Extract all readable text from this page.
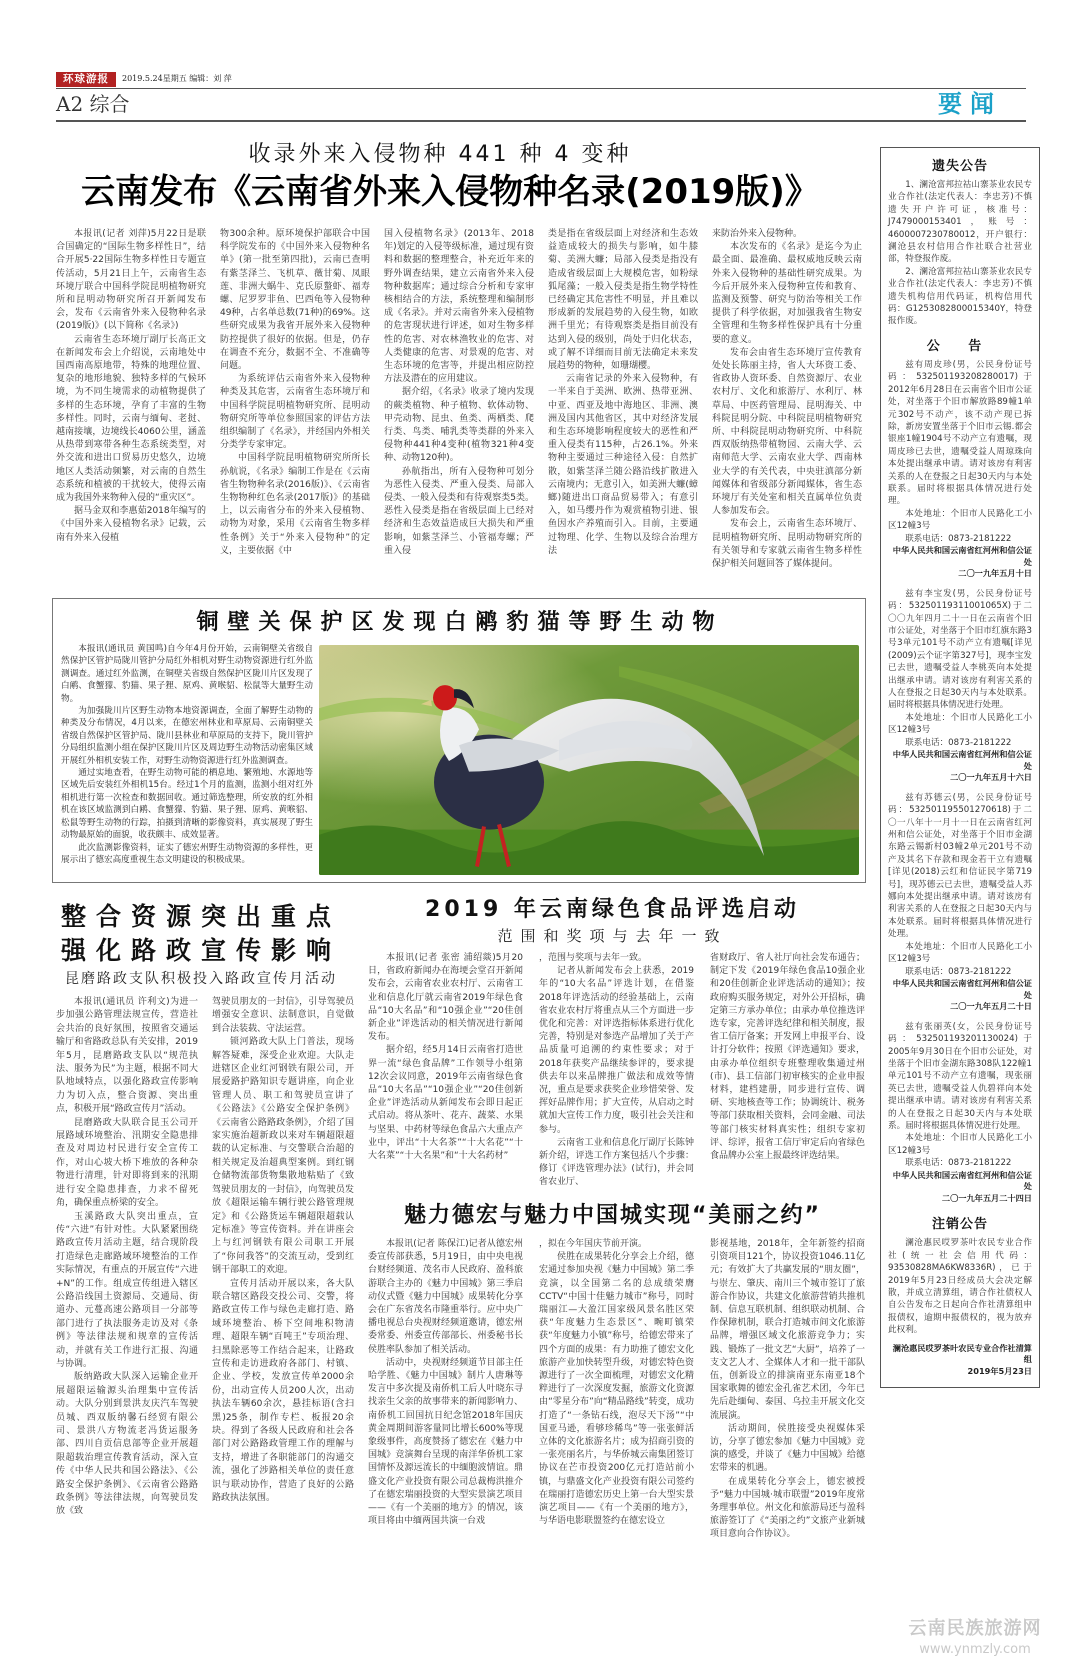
环球游报	2019.5.24星期五 编辑：刘 萍
A2 综合	要闻
收录外来入侵物种 441 种 4 变种
云南发布《云南省外来入侵物种名录(2019版)》

本报讯(记者 刘萍)5月22日是联合国确定的“国际生物多样性日”，结合开展5·22国际生物多样性日专题宣传活动，5月21日上午，云南省生态环境厅联合中国科学院昆明植物研究所和昆明动物研究所召开新闻发布会，发布《云南省外来入侵物种名录(2019版)》(以下简称《名录》)

云南省生态环境厅副厅长高正文在新闻发布会上介绍说，云南地处中国西南高原地带，特殊的地理位置、复杂的地形地貌、独特多样的气候环境，为不同生境需求的动植物提供了多样的生态环境，孕育了丰富的生物多样性。同时，云南与缅甸、老挝、越南接壤，边境线长4060公里，涵盖从热带到寒带各种生态系统类型，对外交流和进出口贸易历史悠久，边境地区人类活动频繁，对云南的自然生态系统和植被的干扰较大，使得云南成为我国外来物种入侵的“重灾区”。

据马金双和李惠茹2018年编写的《中国外来入侵植物名录》记载，云南有外来入侵植

物300余种。原环境保护部联合中国科学院发布的《中国外来入侵物种名单》(第一批至第四批)，云南已查明有紫茎泽兰、飞机草、薇甘菊、凤眼莲、非洲大蜗牛、克氏原螯虾、福寿螺、尼罗罗非鱼、巴西龟等入侵物种49种，占名单总数(71种)的69%。这些研究成果为我省开展外来入侵物种防控提供了很好的依据。但是，仍存在调查不充分，数据不全、不准确等问题。

为系统评估云南省外来入侵物种种类及其危害，云南省生态环境厅和中国科学院昆明植物研究所、昆明动物研究所等单位参照国家的评估方法组织编制了《名录》，并经国内外相关分类学专家审定。

中国科学院昆明植物研究所所长孙航说，《名录》编制工作是在《云南省生物物种名录(2016版)》、《云南省生物物种红色名录(2017版)》的基础上，以云南省分布的外来入侵植物、动物为对象，采用《云南省生物多样性条例》关于“外来入侵物种”的定义，主要依据《中

国入侵植物名录》(2013年、2018年)划定的入侵等级标准，通过现有资料和数据的整理整合，补充近年来的野外调查结果，建立云南省外来入侵物种数据库；通过综合分析和专家审核相结合的方法，系统整理和编制形成《名录》。并对云南省外来入侵植物的危害现状进行评述，如对生物多样性的危害、对农林渔牧业的危害、对人类健康的危害、对景观的危害、对生态环境的危害等，并提出相应防控方法及潜在的应用建议。

据介绍，《名录》收录了境内发现的蕨类植物、种子植物、软体动物、甲壳动物、昆虫、鱼类、两栖类、爬行类、鸟类、哺乳类等类群的外来入侵物种441种4变种(植物321种4变种、动物120种)。

孙航指出，所有入侵物种可划分为恶性入侵类、严重入侵类、局部入侵类、一般入侵类和有待观察类5类。恶性入侵类是指在省级层面上已经对经济和生态效益造成巨大损失和严重影响，如紫茎泽兰、小管福寿螺；严重入侵

类是指在省级层面上对经济和生态效益造成较大的损失与影响，如牛膝菊、美洲大蠊；局部入侵类是指没有造成省级层面上大规模危害，如粉绿狐尾藻；一般入侵类是指生物学特性已经确定其危害性不明显，并且难以形成新的发展趋势的入侵生物，如欧洲千里光；有待观察类是指目前没有达到入侵的级别，尚处于归化状态，或了解不详细而目前无法确定未来发展趋势的物种，如珊瑚樱。

云南省记录的外来入侵物种，有一半来自于美洲、欧洲、热带亚洲、中亚、西亚及地中海地区、非洲、澳洲及国内其他省区，其中对经济发展和生态环境影响程度较大的恶性和严重入侵类有115种，占26.1%。外来物种主要通过三种途径入侵：自然扩散，如紫茎泽兰随公路沿线扩散进入云南境内；无意引入，如美洲大蠊(蟑螂)随进出口商品贸易带入；有意引入，如马缨丹作为观赏植物引进、银鱼因水产养殖而引入。目前，主要通过物理、化学、生物以及综合治理方法

来防治外来入侵物种。

本次发布的《名录》是迄今为止最全面、最准确、最权威地反映云南外来入侵物种的基础性研究成果。为今后开展外来入侵物种宣传和教育、监测及预警、研究与防治等相关工作提供了科学依据，对加强我省生物安全管理和生物多样性保护具有十分重要的意义。

发布会由省生态环境厅宣传教育处处长陈丽主持，省人大环资工委、省政协人资环委、自然资源厅、农业农村厅、文化和旅游厅、水利厅、林草局、中医药管理局、昆明海关、中科院昆明分院、中科院昆明植物研究所、中科院昆明动物研究所、中科院西双版纳热带植物园、云南大学、云南师范大学、云南农业大学、西南林业大学的有关代表，中央驻滇部分新闻媒体和省级部分新闻媒体，省生态环境厅有关处室和相关直属单位负责人参加发布会。

发布会上，云南省生态环境厅、昆明植物研究所、昆明动物研究所的有关领导和专家就云南省生物多样性保护相关问题回答了媒体提问。

铜壁关保护区发现白鹇豹猫等野生动物

本报讯(通讯员 黄国鸣)自今年4月份开始，云南铜壁关省级自然保护区管护局陇川管护分局红外相机对野生动物资源进行红外监测调查。通过红外监测，在铜壁关省级自然保护区陇川片区发现了白鹇、食蟹獴、豹猫、果子狸、原鸡、黄喉貂、松鼠等大量野生动物。

为加强陇川片区野生动物本地资源调查，全面了解野生动物的种类及分布情况，4月以来，在德宏州林业和草原局、云南铜壁关省级自然保护区管护局、陇川县林业和草原局的支持下，陇川管护分局组织监测小组在保护区陇川片区及周边野生动物活动密集区域开展红外相机安装工作，对野生动物资源进行红外监测调查。

通过实地查看，在野生动物可能的栖息地、繁殖地、水源地等区域先后安装红外相机15台。经过1个月的监测，监测小组对红外相机进行第一次检查和数据回收。通过筛选整理，所安放的红外相机在该区域监测到白鹇、食蟹獴、豹猫、果子狸、原鸡、黄喉貂、松鼠等野生动物的行踪，拍摄到清晰的影像资料，真实展现了野生动物最原始的面貌，收获颇丰、成效显著。

此次监测影像资料，证实了德宏州野生动物资源的多样性，更展示出了德宏高度重视生态文明建设的积极成果。

整合资源突出重点
强化路政宣传影响
昆磨路政支队积极投入路政宣传月活动

本报讯(通讯员 许利文)为进一步加强公路管理法规宣传，营造社会共治的良好氛围，按照省交通运输厅和省路政总队有关安排，2019年5月，昆磨路政支队以“规范执法、服务为民”为主题，根据不同大队地域特点，以强化路政宣传影响力为切入点，整合资源、突出重点，积极开展“路政宣传月”活动。

昆磨路政大队联合昆玉公司开展路域环境整治、汛期安全隐患排查及对周边村民进行安全宣传工作，对山心坡大桥下堆放的各种杂物进行清理，针对即将到来的汛期进行安全隐患排查，力求不留死角，确保重点桥梁的安全。

玉溪路政大队突出重点，宣传“六进”有针对性。大队紧紧围绕路政宣传月活动主题，结合现阶段打造绿色走廊路域环境整治的工作实际情况，有重点的开展宣传“六进+N”的工作。组成宣传组进入辖区公路沿线国土资源局、交通局、街道办、元蔓高速公路项目一分部等部门进行了执法服务走访及对《条例》等法律法规和规章的宣传活动，并就有关工作进行汇报、沟通与协调。

版纳路政大队深入运输企业开展超限运输源头治理集中宣传活动。大队分别到景洪友庆汽车驾驶员城、西双版纳馨石经贸有限公司、景洪八方物流老冯货运服务部、四川自贡信息部等企业开展超限超载治理宣传教育活动，深入宣传《中华人民共和国公路法》、《公路安全保护条例》、《云南省公路路政条例》等法律法规，向驾驶员发放《致

驾驶员朋友的一封信》，引导驾驶员增强安全意识、法制意识，自觉做到合法装载、守法运营。

锁河路政大队上门普法，现场解答疑难，深受企业欢迎。大队走进辖区企业红河钢铁有限公司，开展爱路护路知识专题讲座，向企业管理人员、职工和驾驶员宣讲了《公路法》《公路安全保护条例》《云南省公路路政条例》，介绍了国家实施治超新政以来对车辆超限超载的认定标准、与交警联合治超的相关规定及治超典型案例。到红钢仓储物流部货物集散地粘贴了《致驾驶员朋友的一封信》，向驾驶员发放《超限运输车辆行驶公路管理规定》和《公路货运车辆超限超载认定标准》等宣传资料。并在讲座会上与红河钢铁有限公司职工开展了“你问我答”的交流互动，受到红钢干部职工的欢迎。

宣传月活动开展以来，各大队联合辖区路段交投公司、交警，将路政宣传工作与绿色走廊打造、路域环境整治、桥下空间堆积物清理、超限车辆“百吨王”专项治理、扫黑除恶等工作结合起来，让路政宣传和走访进政府各部门、村镇、企业、学校，发放宣传单2000余份，出动宣传人员200人次，出动执法车辆60余次，悬挂标语(含扫黑)25条，制作专栏、板报20余块。得到了各级人民政府和社会各部门对公路路政管理工作的理解与支持，增进了各职能部门的沟通交流，强化了涉路相关单位的责任意识与联动协作，营造了良好的公路路政执法氛围。

2019 年云南绿色食品评选启动
范围和奖项与去年一致

本报讯(记者 张密 浦绍燚)5月20日，省政府新闻办在海埂会堂召开新闻发布会，云南省农业农村厅、云南省工业和信息化厅就云南省2019年绿色食品“10大名品”和“10强企业”“20佳创新企业”评选活动的相关情况进行新闻发布。

据介绍，经5月14日云南省打造世界一流“绿色食品牌”工作领导小组第12次会议同意，2019年云南省绿色食品“10大名品”“10强企业”“20佳创新企业”评选活动从新闻发布会即日起正式启动。将从茶叶、花卉、蔬菜、水果与坚果、中药材等绿色食品六大重点产业中，评出“十大名茶”“十大名花”“十大名菜”“十大名果”和“十大名药材”

，范围与奖项与去年一致。

记者从新闻发布会上获悉，2019年的“10大名品”评选计划，在借鉴2018年评选活动的经验基础上，云南省农业农村厅将重点从三个方面进一步优化和完善：对评选指标体系进行优化完善，特别是对参选产品增加了关于产品质量可追溯的约束性要求；对于2018年获奖产品继续参评的，要求提供去年以来品牌推广做法和成效等情况，重点是要求获奖企业珍惜荣誉、发挥好品牌作用；扩大宣传，从启动之时就加大宣传工作力度，吸引社会关注和参与。

云南省工业和信息化厅副厅长陈钟新介绍，评选工作方案包括八个步骤：修订《评选管理办法》(试行)，并会同省农业厅、

省财政厅、省人社厅向社会发布通告；制定下发《2019年绿色食品10强企业和20佳创新企业评选活动的通知》；按政府购买服务规定，对外公开招标，确定第三方承办单位；由承办单位推选评选专家，完善评选纪律和相关制度，报省工信厅备案；开发网上申报平台、设计打分软件；按照《评选通知》要求，由承办单位组织专班整理收集通过州(市)、县工信部门初审核实的企业申报材料，建档建册，同步进行宣传、调研、实地核查等工作；协调统计、税务等部门获取相关资料，会同金融、司法等部门核实材料真实性；组织专家初评、综评，报省工信厅审定后向省绿色食品牌办公室上报最终评选结果。

魅力德宏与魅力中国城实现“美丽之约”

本报讯(记者 陈保江)记者从德宏州委宣传部获悉，5月19日，由中央电视台财经频道、茂名市人民政府、盈科旅游联合主办的《魅力中国城》第三季启动仪式暨《魅力中国城》成果转化分享会在广东省茂名市隆重举行。应中央广播电视总台央视财经频道邀请，德宏州委常委、州委宣传部部长、州委秘书长侯胜率队参加了相关活动。

活动中，央视财经频道节目部主任哈学胜、《魅力中国城》制片人唐琳等发言中多次提及南侨机工后人叶晓东寻找亲生父亲的故事带来的新闻影响力、南侨机工回国抗日纪念馆2018年国庆黄金周期间游客量同比增长600%等现象级事件，高度赞扬了德宏在《魅力中国城》竞演舞台呈现的南洋华侨机工家国情怀及源远流长的中缅胞波情谊。鼎盛文化产业投资有限公司总裁梅洪推介了在德宏瑞丽投资的大型实景演艺项目——《有一个美丽的地方》的情况，该项目将由中缅两国共演一台戏

，拟在今年国庆节前开演。

侯胜在成果转化分享会上介绍，德宏通过参加央视《魅力中国城》第二季竞演，以全国第二名的总成绩荣膺CCTV“中国十佳魅力城市”称号，同时瑞丽江—大盈江国家级风景名胜区荣获“年度魅力生态景区”、畹町镇荣获“年度魅力小镇”称号，给德宏带来了四个方面的成果：有力助推了德宏文化旅游产业加快转型升级，对德宏特色资源进行了一次全面梳理，对德宏文化精粹进行了一次深度发掘，旅游文化资源由“零星分布”向“精品路线”转变，成功打造了“一条钻石线，泡尽天下汤”“中国亚马逊，看够珍稀鸟”等一张张鲜活立体的文化旅游名片；成为招商引资的一张亮丽名片，与华侨城云南集团签订协议在芒市投资200亿元打造站前小镇，与鼎盛文化产业投资有限公司签约在瑞丽打造德宏历史上第一台大型实景演艺项目——《有一个美丽的地方》，与华语电影联盟签约在德宏设立

影视基地，2018年，全年新签约招商引资项目121个，协议投资1046.11亿元；有效扩大了共赢发展的“朋友圈”，与崇左、肇庆、南川三个城市签订了旅游合作协议，共建文化旅游营销共推机制、信息互联机制、组织联动机制、合作保障机制，联合打造城市间文化旅游品牌，增强区域文化旅游竞争力；实践、锻炼了一批文艺“大厨”，培养了一支文艺人才、全媒体人才和一批干部队伍，创新设立的排演南亚东南亚18个国家歌舞的德宏金孔雀艺术团，今年已先后赴缅甸、泰国、乌拉圭开展文化交流展演。

活动期间，侯胜接受央视媒体采访，分享了德宏参加《魅力中国城》竞演的感受，并谈了《魅力中国城》给德宏带来的机遇。

在成果转化分享会上，德宏被授予“魅力中国城·城市联盟”2019年度常务理事单位。州文化和旅游局还与盈科旅游签订了《“美丽之约”文旅产业新城项目意向合作协议》。

遗失公告

1、澜沧富邦拉祜山寨茶业农民专业合作社(法定代表人：李忠芳)不慎遗失开户许可证，核准号：J7479000153401，账号：4600007230780012，开户银行：澜沧县农村信用合作社联合社营业部，特登报作废。

2、澜沧富邦拉祜山寨茶业农民专业合作社(法定代表人：李忠芳)不慎遗失机构信用代码证，机构信用代码：G1253082800015340Y，特登报作废。

公 告

兹有周皮珍(男，公民身份证号码：532501193208280017)于2012年6月28日在云南省个旧市公证处，对坐落于个旧市解放路89幢1单元302号不动产，该不动产现已拆除，新房安置坐落于个旧市云锡.都会银座1幢1904号不动产立有遗嘱，现周皮珍已去世，遗嘱受益人周琼珠向本处提出继承申请。请对该房有利害关系的人在登报之日起30天内与本处联系。届时将根据具体情况进行处理。

本处地址：个旧市人民路化工小区12幢3号

联系电话：0873-2181222

中华人民共和国云南省红河州和信公证处

二〇一九年五月十日

兹有李宝发(男，公民身份证号码：53250119311001065X)于二〇〇九年四月二十一日在云南省个旧市公证处，对坐落于个旧市红旗东路3号3单元101号不动产立有遗嘱[详见(2009)云个证字第327号]，现李宝发已去世，遗嘱受益人李桃英向本处提出继承申请。请对该房有利害关系的人在登报之日起30天内与本处联系。届时将根据具体情况进行处理。

本处地址：个旧市人民路化工小区12幢3号

联系电话：0873-2181222

中华人民共和国云南省红河州和信公证处

二〇一九年五月十六日

兹有苏德云(男，公民身份证号码：532501195501270618)于二〇一八年十一月十一日在云南省红河州和信公证处，对坐落于个旧市金湖东路云锡新村03幢2单元201号不动产及其名下存款和现金若干立有遗嘱[详见(2018)云红和信证民字第719号]，现苏德云已去世，遗嘱受益人苏娜向本处提出继承申请。请对该房有利害关系的人在登报之日起30天内与本处联系。届时将根据具体情况进行处理。

本处地址：个旧市人民路化工小区12幢3号

联系电话：0873-2181222

中华人民共和国云南省红河州和信公证处

二〇一九年五月二十日

兹有张丽英(女，公民身份证号码：532501193201130024)于2005年9月30日在个旧市公证处，对坐落于个旧市金湖东路308队122幢1单元101号不动产立有遗嘱，现张丽英已去世，遗嘱受益人仇碧祥向本处提出继承申请。请对该房有利害关系的人在登报之日起30天内与本处联系。届时将根据具体情况进行处理。

本处地址：个旧市人民路化工小区12幢3号

联系电话：0873-2181222

中华人民共和国云南省红河州和信公证处

二〇一九年五月二十四日

注销公告

澜沧惠民哎罗茶叶农民专业合作社(统一社会信用代码：93530828MA6KW8336R)，已于2019年5月23日经成员大会决定解散，并成立清算组，请合作社债权人自公告发布之日起向合作社清算组申报债权，逾期申报债权的，视为放弃此权利。

澜沧惠民哎罗茶叶农民专业合作社清算组

2019年5月23日

云南民族旅游网
www.ynmzly.com
